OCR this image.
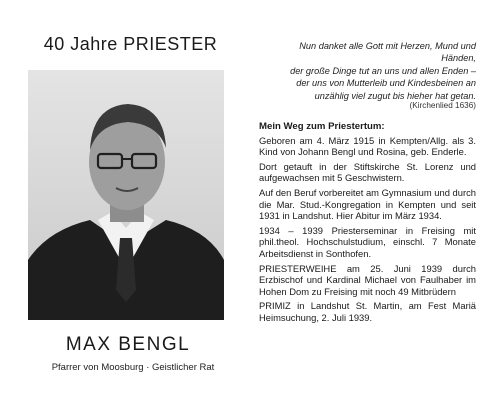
40 Jahre PRIESTER
MAX BENGL
Pfarrer von Moosburg · Geistlicher Rat
Nun danket alle Gott mit Herzen, Mund und
Händen,
der große Dinge tut an uns und allen Enden –
der uns von Mutterleib und Kindesbeinen an
unzählig viel zugut bis hieher hat getan.
(Kirchenlied 1636)
Mein Weg zum Priestertum:

Geboren am 4. März 1915 in Kempten/Allg. als 3. Kind von Johann Bengl und Rosina, geb. Enderle.

Dort getauft in der Stiftskirche St. Lorenz und aufgewachsen mit 5 Geschwistern.

Auf den Beruf vorbereitet am Gymnasium und durch die Mar. Stud.-Kongregation in Kempten und seit 1931 in Landshut. Hier Abitur im März 1934.

1934 – 1939 Priesterseminar in Freising mit phil.theol. Hochschulstudium, einschl. 7 Monate Arbeitsdienst in Sonthofen.

PRIESTERWEIHE am 25. Juni 1939 durch Erzbischof und Kardinal Michael von Faulhaber im Hohen Dom zu Freising mit noch 49 Mitbrüdern

PRIMIZ in Landshut St. Martin, am Fest Mariä Heimsuchung, 2. Juli 1939.
